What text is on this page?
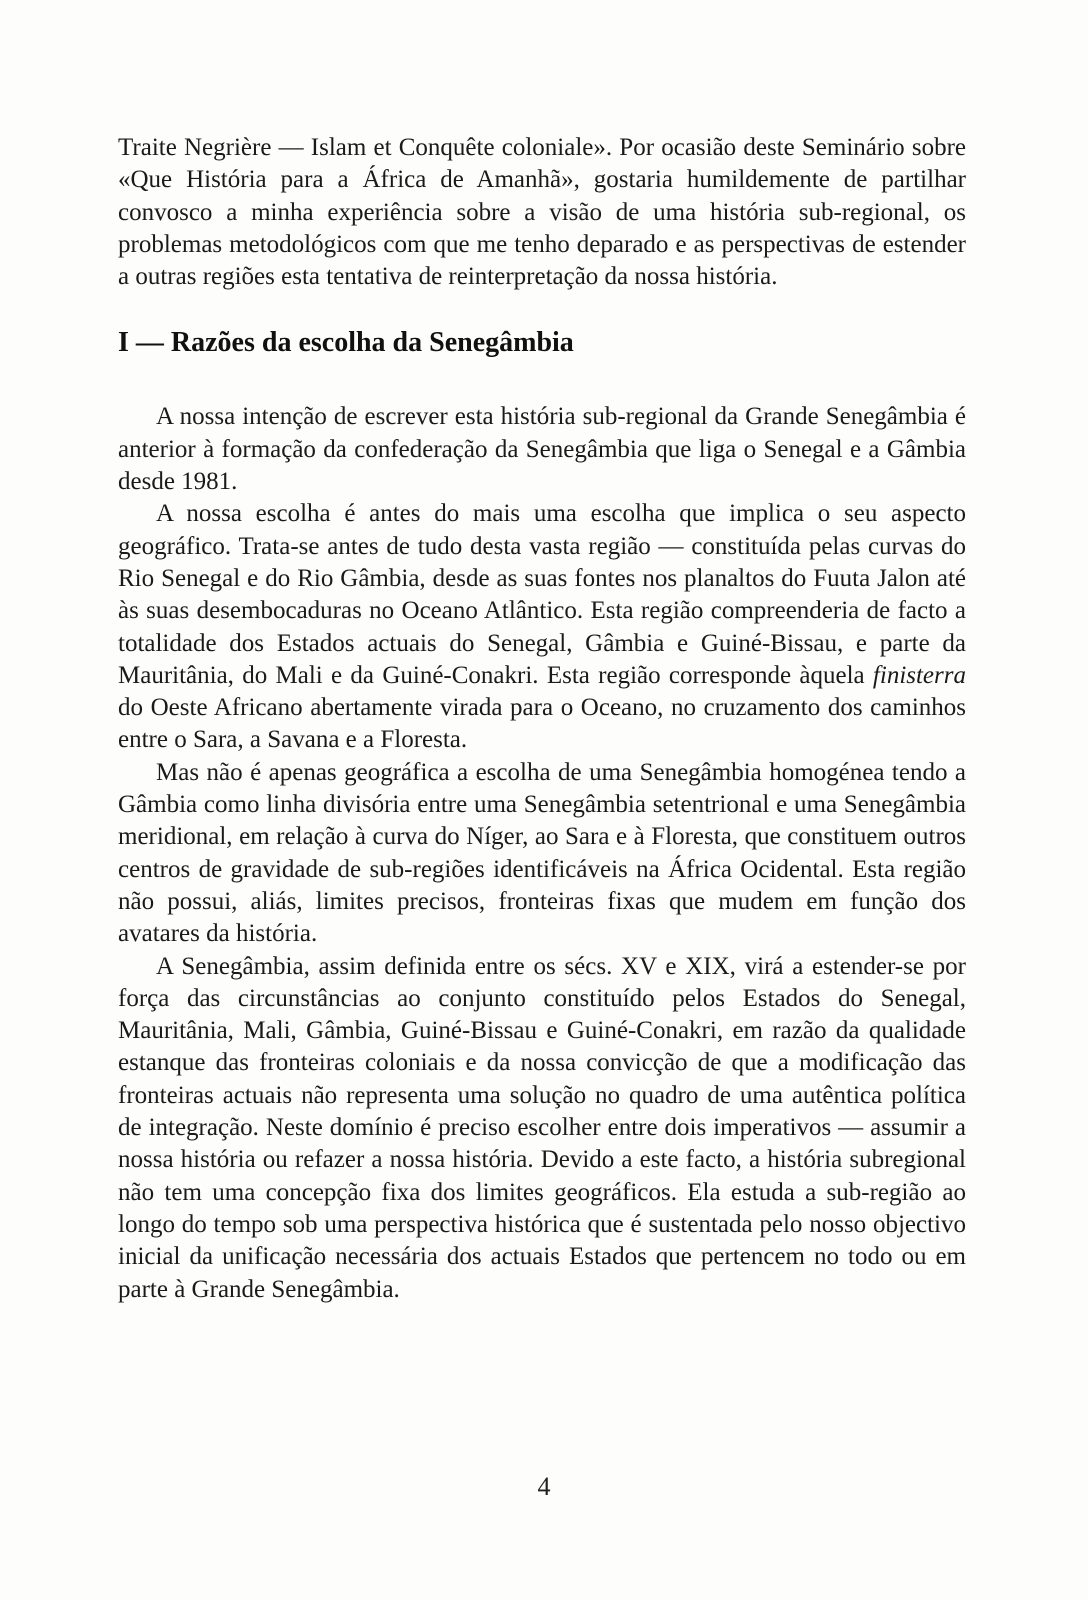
Traite Negrière — Islam et Conquête coloniale». Por ocasião deste Seminário sobre «Que História para a África de Amanhã», gostaria humildemente de partilhar convosco a minha experiência sobre a visão de uma história sub-regional, os problemas metodológicos com que me tenho deparado e as perspectivas de estender a outras regiões esta tentativa de reinterpretação da nossa história.

I — Razões da escolha da Senegâmbia

A nossa intenção de escrever esta história sub-regional da Grande Senegâmbia é anterior à formação da confederação da Senegâmbia que liga o Senegal e a Gâmbia desde 1981.

A nossa escolha é antes do mais uma escolha que implica o seu aspecto geográfico. Trata-se antes de tudo desta vasta região — constituída pelas curvas do Rio Senegal e do Rio Gâmbia, desde as suas fontes nos planaltos do Fuuta Jalon até às suas desembocaduras no Oceano Atlântico. Esta região compreenderia de facto a totalidade dos Estados actuais do Senegal, Gâmbia e Guiné-Bissau, e parte da Mauritânia, do Mali e da Guiné-Conakri. Esta região corresponde àquela finisterra do Oeste Africano abertamente virada para o Oceano, no cruzamento dos caminhos entre o Sara, a Savana e a Floresta.

Mas não é apenas geográfica a escolha de uma Senegâmbia homogénea tendo a Gâmbia como linha divisória entre uma Senegâmbia setentrional e uma Senegâmbia meridional, em relação à curva do Níger, ao Sara e à Floresta, que constituem outros centros de gravidade de sub-regiões identificáveis na África Ocidental. Esta região não possui, aliás, limites precisos, fronteiras fixas que mudem em função dos avatares da história.

A Senegâmbia, assim definida entre os sécs. XV e XIX, virá a estender-se por força das circunstâncias ao conjunto constituído pelos Estados do Senegal, Mauritânia, Mali, Gâmbia, Guiné-Bissau e Guiné-Conakri, em razão da qualidade estanque das fronteiras coloniais e da nossa convicção de que a modificação das fronteiras actuais não representa uma solução no quadro de uma autêntica política de integração. Neste domínio é preciso escolher entre dois imperativos — assumir a nossa história ou refazer a nossa história. Devido a este facto, a história subregional não tem uma concepção fixa dos limites geográficos. Ela estuda a sub-região ao longo do tempo sob uma perspectiva histórica que é sustentada pelo nosso objectivo inicial da unificação necessária dos actuais Estados que pertencem no todo ou em parte à Grande Senegâmbia.

4
